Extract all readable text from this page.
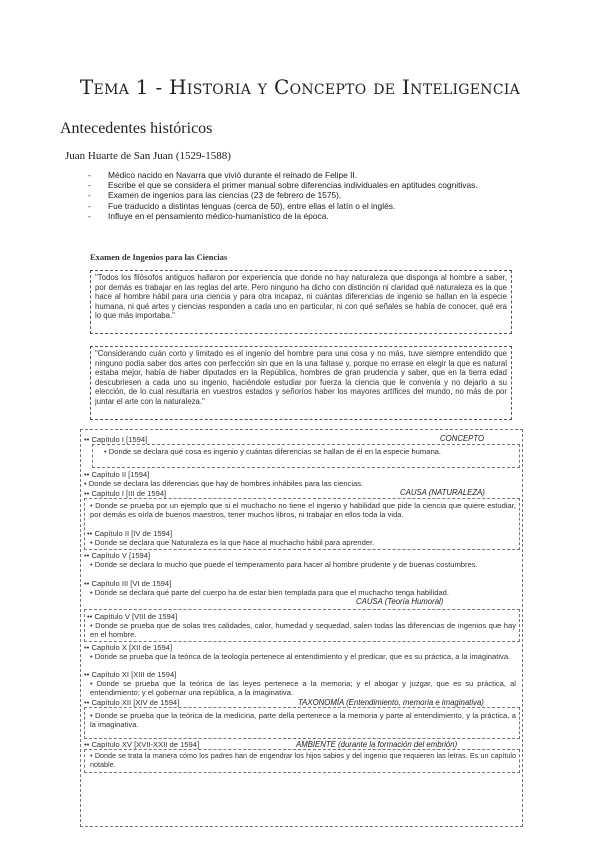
Tema 1 - Historia y Concepto de Inteligencia
Antecedentes históricos
Juan Huarte de San Juan (1529-1588)
- Médico nacido en Navarra que vivió durante el reinado de Felipe II.
- Escribe el que se considera el primer manual sobre diferencias individuales en aptitudes cognitivas.
- Examen de ingenios para las ciencias (23 de febrero de 1575).
- Fue traducido a distintas lenguas (cerca de 50), entre ellas el latín o el inglés.
- Influye en el pensamiento médico-humanístico de la época.
Examen de Ingenios para las Ciencias
"Todos los filósofos antiguos hallaron por experiencia que donde no hay naturaleza que disponga al hombre a saber, por demás es trabajar en las reglas del arte. Pero ninguno ha dicho con distinción ni claridad qué naturaleza es la que hace al hombre hábil para una ciencia y para otra incapaz, ni cuántas diferencias de ingenio se hallan en la especie humana, ni qué artes y ciencias responden a cada uno en particular, ni con qué señales se había de conocer, qué era lo que más importaba."
"Considerando cuán corto y limitado es el ingenio del hombre para una cosa y no más, tuve siempre entendido que ninguno podía saber dos artes con perfección sin que en la una faltase y, porque no errase en elegir la que es natural estaba mejor, había de haber diputados en la República, hombres de gran prudencia y saber, que en la tierra edad descubriesen a cada uno su ingenio, haciéndole estudiar por fuerza la ciencia que le convenía y no dejarlo a su elección, de lo cual resultaría en vuestros estados y señoríos haber los mayores artífices del mundo, no más de por juntar el arte con la naturaleza."
•• Capítulo I [1594]	CONCEPTO
• Donde se declara qué cosa es ingenio y cuántas diferencias se hallan de él en la especie humana.
•• Capítulo II [1594]
• Donde se declara las diferencias que hay de hombres inhábiles para las ciencias.
•• Capítulo I [III de 1594]	CAUSA (NATURALEZA)
• Donde se prueba por un ejemplo que si el muchacho no tiene el ingenio y habilidad que pide la ciencia que quiere estudiar, por demás es oírla de buenos maestros, tener muchos libros, ni trabajar en ellos toda la vida.
•• Capítulo II [IV de 1594]
• Donde se declara que Naturaleza es la que hace al muchacho hábil para aprender.
•• Capítulo V [1594]
• Donde se declara lo mucho que puede el temperamento para hacer al hombre prudente y de buenas costumbres.
•• Capítulo III [VI de 1594]
• Donde se declara qué parte del cuerpo ha de estar bien templada para que el muchacho tenga habilidad.
CAUSA (Teoría Humoral)
•• Capítulo V [VIII de 1594]
• Donde se prueba que de solas tres calidades, calor, humedad y sequedad, salen todas las diferencias de ingenios que hay en el hombre.
•• Capítulo X [XII de 1594]
• Donde se prueba que la teórica de la teología pertenece al entendimiento y el predicar, que es su práctica, a la imaginativa.
•• Capítulo XI [XIII de 1594]
• Donde se prueba que la teórica de las leyes pertenece a la memoria; y el abogar y juzgar, que es su práctica, al entendimiento; y el gobernar una república, a la imaginativa.
•• Capítulo XII [XIV de 1594]	TAXONOMÍA (Entendimiento, memoria e imaginativa)
• Donde se prueba que la teórica de la medicina, parte della pertenece a la memoria y parte al entendimiento, y la práctica, a la imaginativa.
•• Capítulo XV [XVII-XXII de 1594]	AMBIENTE (durante la formación del embrión)
• Donde se trata la manera cómo los padres han de engendrar los hijos sabios y del ingenio que requieren las letras. Es un capítulo notable.
